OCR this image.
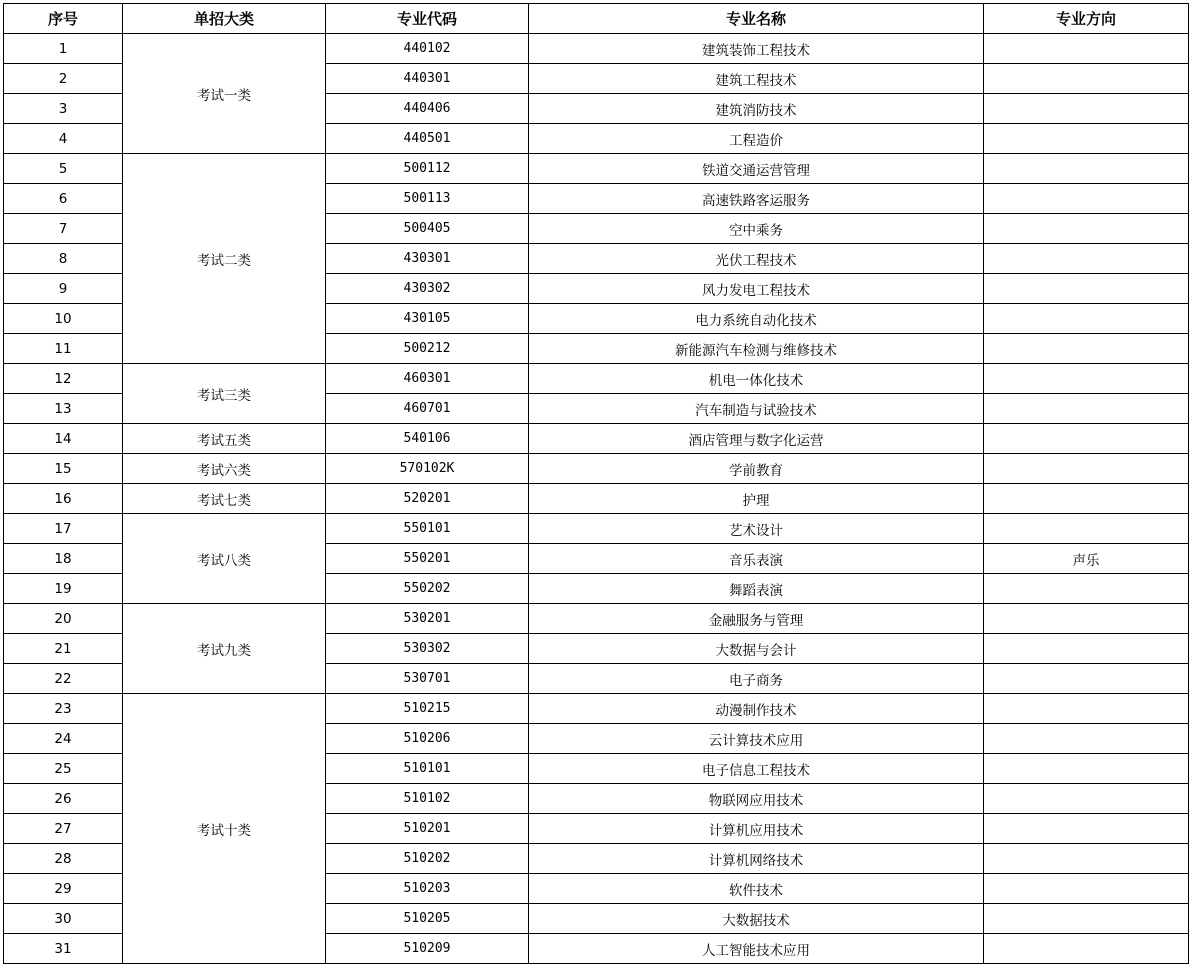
序号	单招大类	专业代码	专业名称	专业方向
1	考试一类	440102	建筑装饰工程技术	
2		440301	建筑工程技术	
3		440406	建筑消防技术	
4		440501	工程造价	
5	考试二类	500112	铁道交通运营管理	
6		500113	高速铁路客运服务	
7		500405	空中乘务	
8		430301	光伏工程技术	
9		430302	风力发电工程技术	
10		430105	电力系统自动化技术	
11		500212	新能源汽车检测与维修技术	
12	考试三类	460301	机电一体化技术	
13		460701	汽车制造与试验技术	
14	考试五类	540106	酒店管理与数字化运营	
15	考试六类	570102K	学前教育	
16	考试七类	520201	护理	
17	考试八类	550101	艺术设计	
18		550201	音乐表演	声乐
19		550202	舞蹈表演	
20	考试九类	530201	金融服务与管理	
21		530302	大数据与会计	
22		530701	电子商务	
23	考试十类	510215	动漫制作技术	
24		510206	云计算技术应用	
25		510101	电子信息工程技术	
26		510102	物联网应用技术	
27		510201	计算机应用技术	
28		510202	计算机网络技术	
29		510203	软件技术	
30		510205	大数据技术	
31		510209	人工智能技术应用	
